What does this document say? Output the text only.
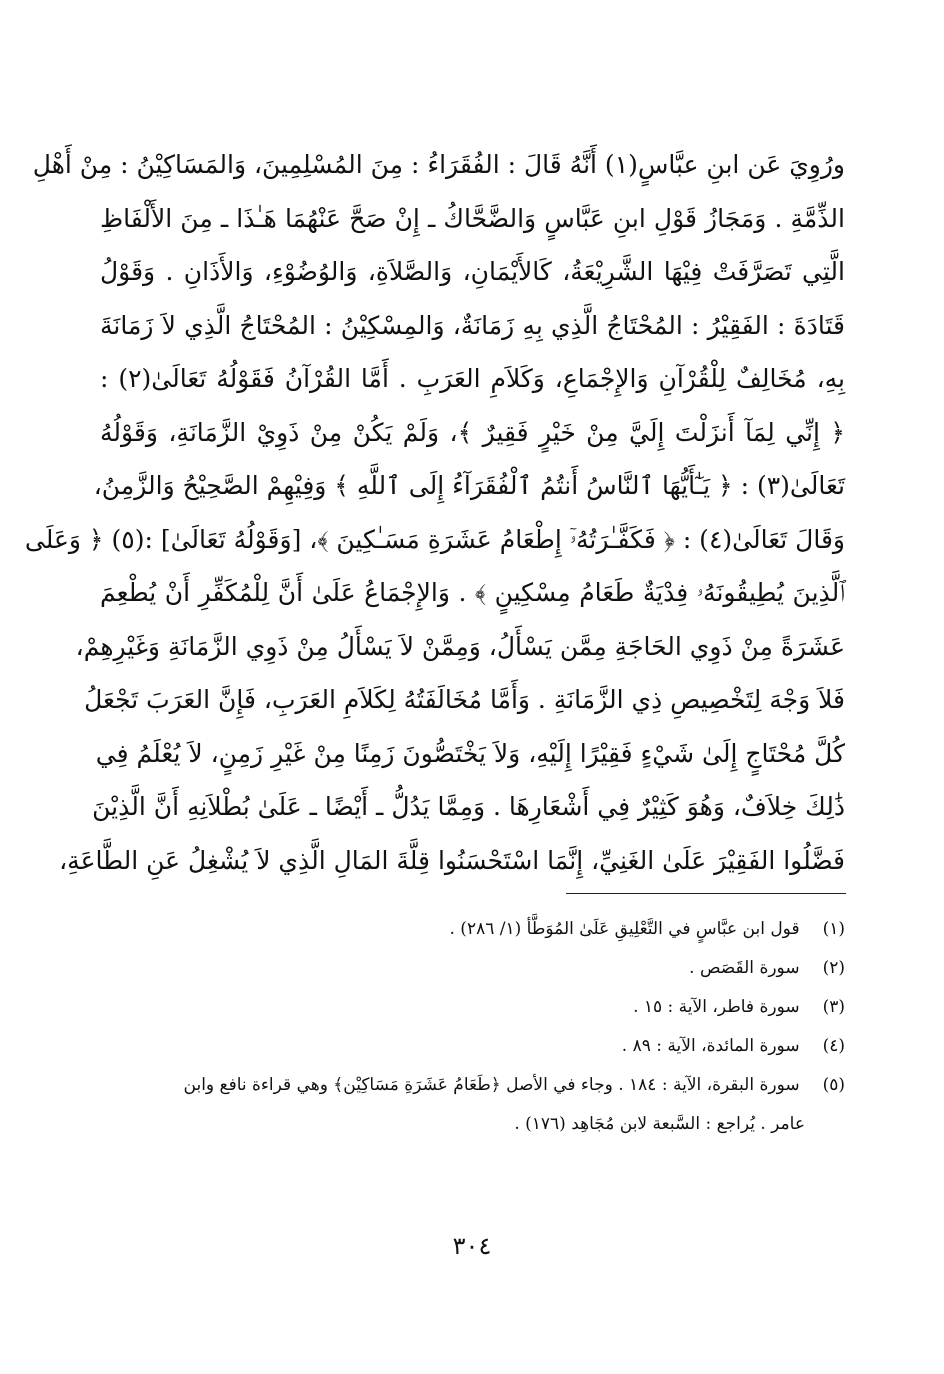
ورُوِيَ عَن ابنِ عبَّاسٍ(١) أَنَّهُ قَالَ : الفُقَرَاءُ : مِنَ المُسْلِمِينَ، وَالمَسَاكِيْنُ : مِنْ أَهْلِ
الذِّمَّةِ . وَمَجَازُ قَوْلِ ابنِ عَبَّاسٍ وَالضَّحَّاكُ ـ إِنْ صَحَّ عَنْهُمَا هَـٰذَا ـ مِنَ الأَلْفَاظِ
الَّتِي تَصَرَّفَتْ فِيْهَا الشَّرِيْعَةُ، كَالأَيْمَانِ، وَالصَّلاَةِ، وَالوُضُوْءِ، وَالأَذَانِ . وَقَوْلُ
قَتَادَةَ : الفَقِيْرُ : المُحْتَاجُ الَّذِي بِهِ زَمَانَةٌ، وَالمِسْكِيْنُ : المُحْتَاجُ الَّذِي لاَ زَمَانَةَ
بِهِ، مُخَالِفٌ لِلْقُرْآنِ وَالإِجْمَاعِ، وَكَلاَمِ العَرَبِ . أَمَّا القُرْآنُ فَقَوْلُهُ تَعَالَىٰ(٢) :
﴿ إِنِّي لِمَآ أَنزَلْتَ إِلَيَّ مِنْ خَيْرٍ فَقِيرٌ ﴾، وَلَمْ يَكُنْ مِنْ ذَوِيْ الزَّمَانَةِ، وَقَوْلُهُ
تَعَالَىٰ(٣) : ﴿ يَـٰٓأَيُّهَا ٱلنَّاسُ أَنتُمُ ٱلْفُقَرَآءُ إِلَى ٱللَّهِ ﴾ وَفِيْهِمْ الصَّحِيْحُ وَالزَّمِنُ،
وَقَالَ تَعَالَىٰ(٤) : ﴿ فَكَفَّـٰرَتُهُۥٓ إِطْعَامُ عَشَرَةِ مَسَـٰكِينَ ﴾، [وَقَوْلُهُ تَعَالَىٰ] :(٥) ﴿ وَعَلَى
ٱلَّذِينَ يُطِيقُونَهُۥ فِدْيَةٌ طَعَامُ مِسْكِينٍ ﴾ . وَالإِجْمَاعُ عَلَىٰ أَنَّ لِلْمُكَفِّرِ أَنْ يُطْعِمَ
عَشَرَةً مِنْ ذَوِي الحَاجَةِ مِمَّن يَسْأَلُ، وَمِمَّنْ لاَ يَسْأَلُ مِنْ ذَوِي الزَّمَانَةِ وَغَيْرِهِمْ،
فَلاَ وَجْهَ لِتَخْصِيصِ ذِي الزَّمَانَةِ . وَأَمَّا مُخَالَفَتُهُ لِكَلاَمِ العَرَبِ، فَإِنَّ العَرَبَ تَجْعَلُ
كُلَّ مُحْتَاجٍ إِلَىٰ شَيْءٍ فَقِيْرًا إِلَيْهِ، وَلاَ يَخْتَصُّونَ زَمِنًا مِنْ غَيْرِ زَمِنٍ، لاَ يُعْلَمُ فِي
ذَٰلِكَ خِلاَفٌ، وَهُوَ كَثِيْرٌ فِي أَشْعَارِهَا . وَمِمَّا يَدُلُّ ـ أَيْضًا ـ عَلَىٰ بُطْلاَنِهِ أَنَّ الَّذِيْنَ
فَضَّلُوا الفَقِيْرَ عَلَىٰ الغَنِيِّ، إِنَّمَا اسْتَحْسَنُوا قِلَّةَ المَالِ الَّذِي لاَ يُشْغِلُ عَنِ الطَّاعَةِ،
(١) قول ابن عبَّاسٍ في التَّعْلِيقِ عَلَىٰ المُوَطَّأ (١/ ٢٨٦) .
(٢) سورة القَصَص .
(٣) سورة فاطر، الآية : ١٥ .
(٤) سورة المائدة، الآية : ٨٩ .
(٥) سورة البقرة، الآية : ١٨٤ . وجاء في الأصل ﴿طَعَامُ عَشَرَةِ مَسَاكِيْن﴾ وهي قراءة نافع وابن
عامر . يُراجع : السَّبعة لابن مُجَاهِد (١٧٦) .
٣٠٤
